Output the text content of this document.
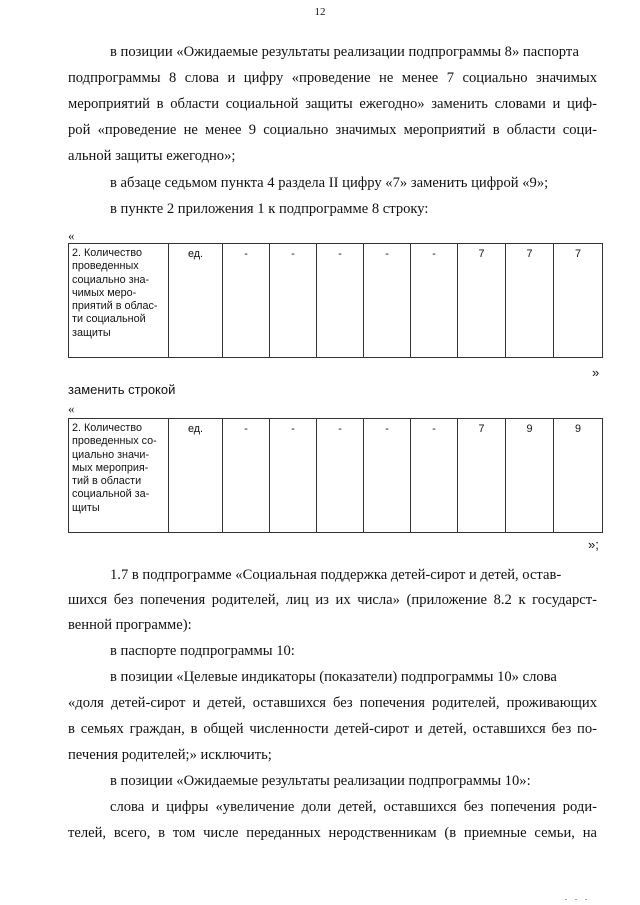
12
в позиции «Ожидаемые результаты реализации подпрограммы 8» паспорта
подпрограммы 8 слова и цифру «проведение не менее 7 социально значимых
мероприятий в области социальной защиты ежегодно» заменить словами и циф-
рой «проведение не менее 9 социально значимых мероприятий в области соци-
альной защиты ежегодно»;
в абзаце седьмом пункта 4 раздела II цифру «7» заменить цифрой «9»;
в пункте 2 приложения 1 к подпрограмме 8 строку:
«
2. Количество
проведенных
социально зна-
чимых меро-
приятий в облас-
ти социальной
защиты
	ед.	-	-	-	-	-	7	7	7
»
заменить строкой
«
2. Количество
проведенных со-
циально значи-
мых мероприя-
тий в области
социальной за-
щиты
	ед.	-	-	-	-	-	7	9	9
»;
1.7 в подпрограмме «Социальная поддержка детей-сирот и детей, остав-
шихся без попечения родителей, лиц из их числа» (приложение 8.2 к государст-
венной программе):
в паспорте подпрограммы 10:
в позиции «Целевые индикаторы (показатели) подпрограммы 10» слова
«доля детей-сирот и детей, оставшихся без попечения родителей, проживающих
в семьях граждан, в общей численности детей-сирот и детей, оставшихся без по-
печения родителей;» исключить;
в позиции «Ожидаемые результаты реализации подпрограммы 10»:
слова и цифры «увеличение доли детей, оставшихся без попечения роди-
телей, всего, в том числе переданных неродственникам (в приемные семьи, на
. . .
